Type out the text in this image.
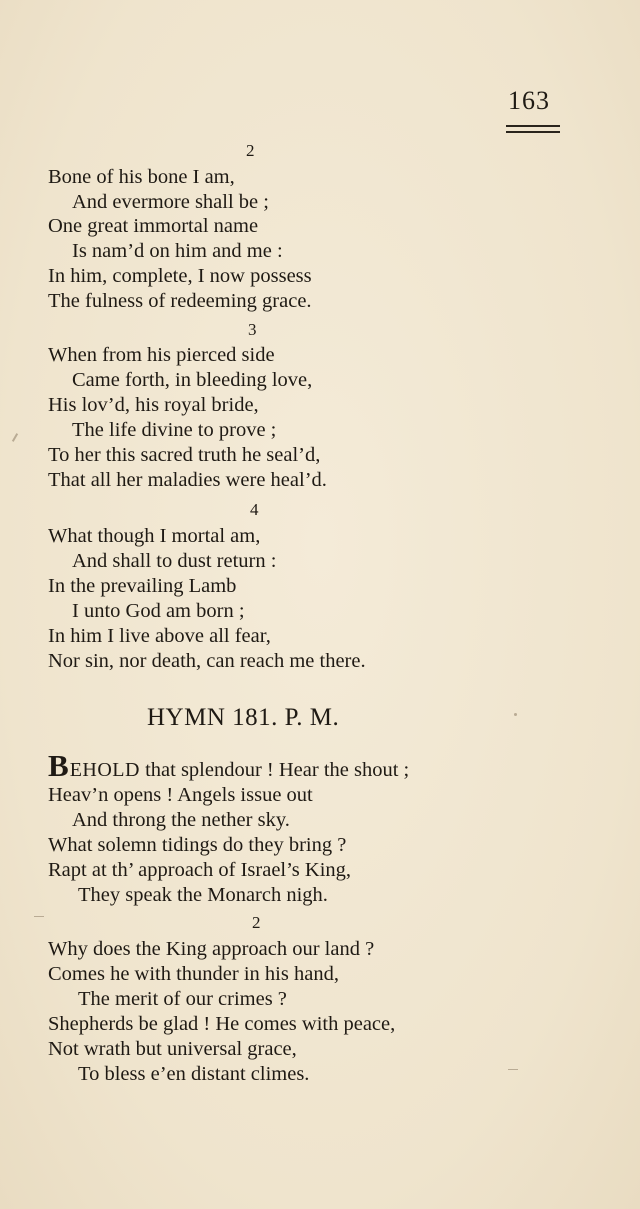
163
2
Bone of his bone I am,
And evermore shall be ;
One great immortal name
Is nam’d on him and me :
In him, complete, I now possess
The fulness of redeeming grace.
3
When from his pierced side
Came forth, in bleeding love,
His lov’d, his royal bride,
The life divine to prove ;
To her this sacred truth he seal’d,
That all her maladies were heal’d.
4
What though I mortal am,
And shall to dust return :
In the prevailing Lamb
I unto God am born ;
In him I live above all fear,
Nor sin, nor death, can reach me there.
HYMN 181. P. M.
BEHOLD that splendour ! Hear the shout ;
Heav’n opens ! Angels issue out
And throng the nether sky.
What solemn tidings do they bring ?
Rapt at th’ approach of Israel’s King,
They speak the Monarch nigh.
2
Why does the King approach our land ?
Comes he with thunder in his hand,
The merit of our crimes ?
Shepherds be glad ! He comes with peace,
Not wrath but universal grace,
To bless e’en distant climes.
